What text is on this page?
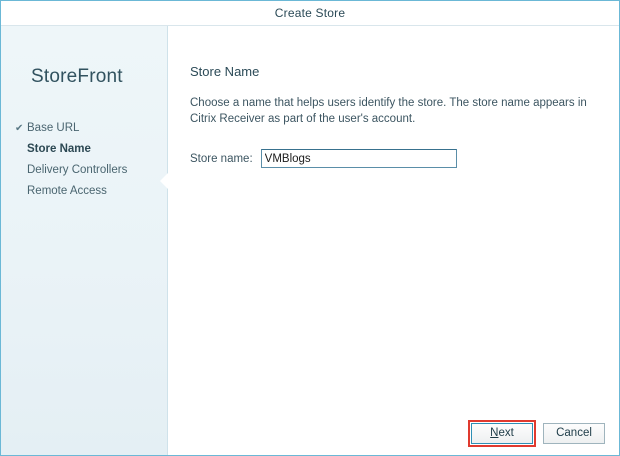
Create Store
StoreFront
✔ Base URL
Store Name
Delivery Controllers
Remote Access
Store Name
Choose a name that helps users identify the store. The store name appears in Citrix Receiver as part of the user's account.
Store name:
VMBlogs
N ext	Cancel
